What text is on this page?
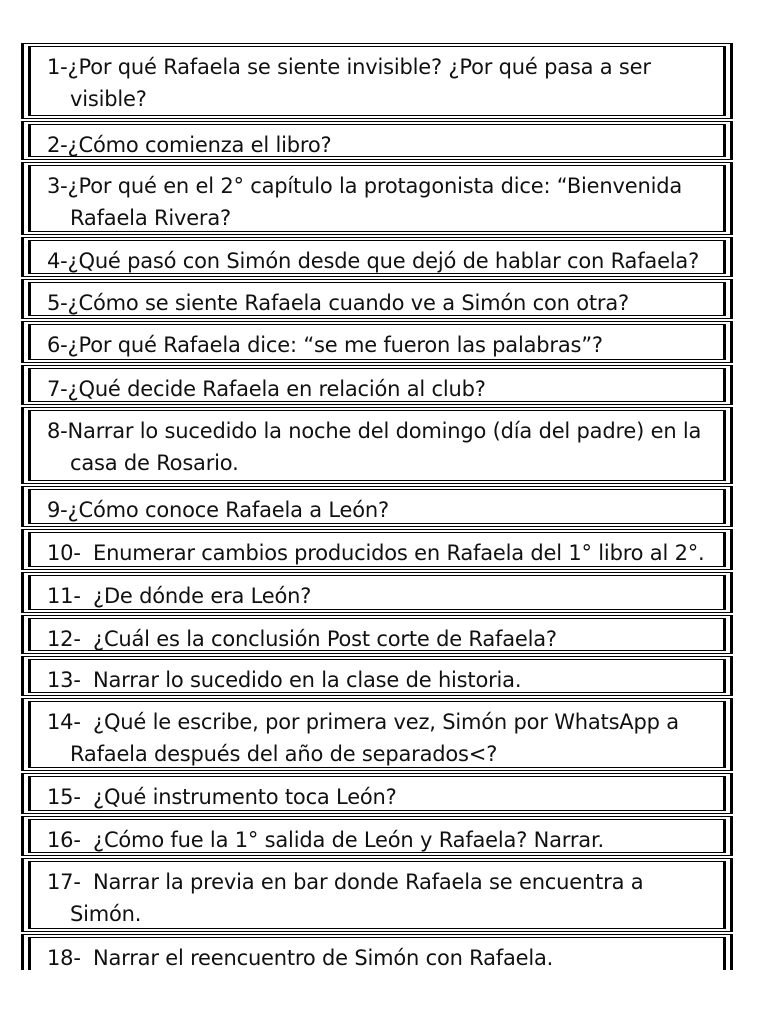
1-¿Por qué Rafaela se siente invisible? ¿Por qué pasa a ser
visible?
2-¿Cómo comienza el libro?
3-¿Por qué en el 2° capítulo la protagonista dice: “Bienvenida
Rafaela Rivera?
4-¿Qué pasó con Simón desde que dejó de hablar con Rafaela?
5-¿Cómo se siente Rafaela cuando ve a Simón con otra?
6-¿Por qué Rafaela dice: “se me fueron las palabras”?
7-¿Qué decide Rafaela en relación al club?
8-Narrar lo sucedido la noche del domingo (día del padre) en la
casa de Rosario.
9-¿Cómo conoce Rafaela a León?
10- Enumerar cambios producidos en Rafaela del 1° libro al 2°.
11- ¿De dónde era León?
12- ¿Cuál es la conclusión Post corte de Rafaela?
13- Narrar lo sucedido en la clase de historia.
14- ¿Qué le escribe, por primera vez, Simón por WhatsApp a
Rafaela después del año de separados<?
15- ¿Qué instrumento toca León?
16- ¿Cómo fue la 1° salida de León y Rafaela? Narrar.
17- Narrar la previa en bar donde Rafaela se encuentra a
Simón.
18- Narrar el reencuentro de Simón con Rafaela.
